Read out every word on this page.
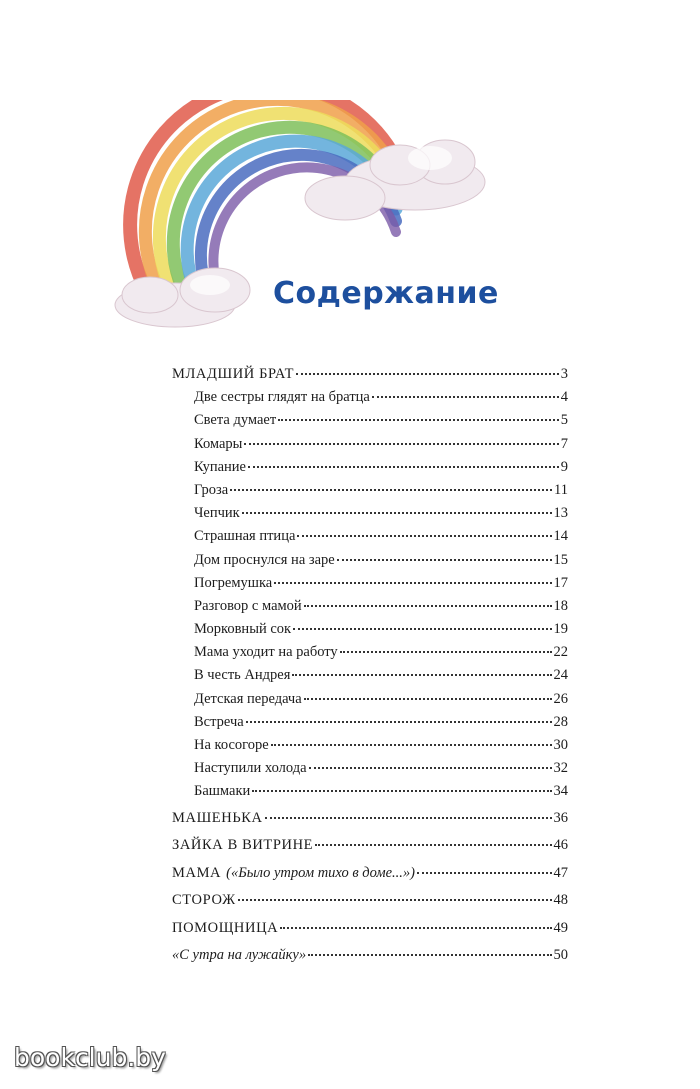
Содержание
МЛАДШИЙ БРАТ	3
Две сестры глядят на братца	4
Света думает	5
Комары	7
Купание	9
Гроза	11
Чепчик	13
Страшная птица	14
Дом проснулся на заре	15
Погремушка	17
Разговор с мамой	18
Морковный сок	19
Мама уходит на работу	22
В честь Андрея	24
Детская передача	26
Встреча	28
На косогоре	30
Наступили холода	32
Башмаки	34
МАШЕНЬКА	36
ЗАЙКА В ВИТРИНЕ	46
МАМА («Было утром тихо в доме...»)	47
СТОРОЖ	48
ПОМОЩНИЦА	49
«С утра на лужайку»	50
bookclub.by
